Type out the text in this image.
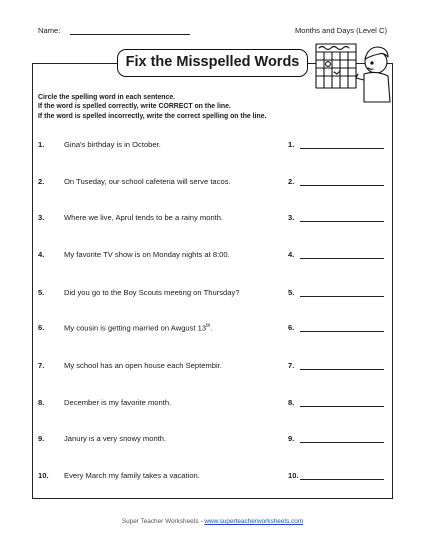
Name:	Months and Days (Level C)
Fix the Misspelled Words
Circle the spelling word in each sentence.
If the word is spelled correctly, write CORRECT on the line.
If the word is spelled incorrectly, write the correct spelling on the line.
1.	Gina's birthday is in October.	1.
2.	On Tuseday, our school cafeteria will serve tacos.	2.
3.	Where we live, Aprul tends to be a rainy month.	3.
4.	My favorite TV show is on Monday nights at 8:00.	4.
5.	Did you go to the Boy Scouts meeting on Thursday?	5.
6.	My cousin is getting married on Awgust 13th.	6.
7.	My school has an open house each Septembir.	7.
8.	December is my favorite month.	8.
9.	Janury is a very snowy month.	9.
10. Every March my family takes a vacation.	10.
Super Teacher Worksheets - www.superteacherworksheets.com
